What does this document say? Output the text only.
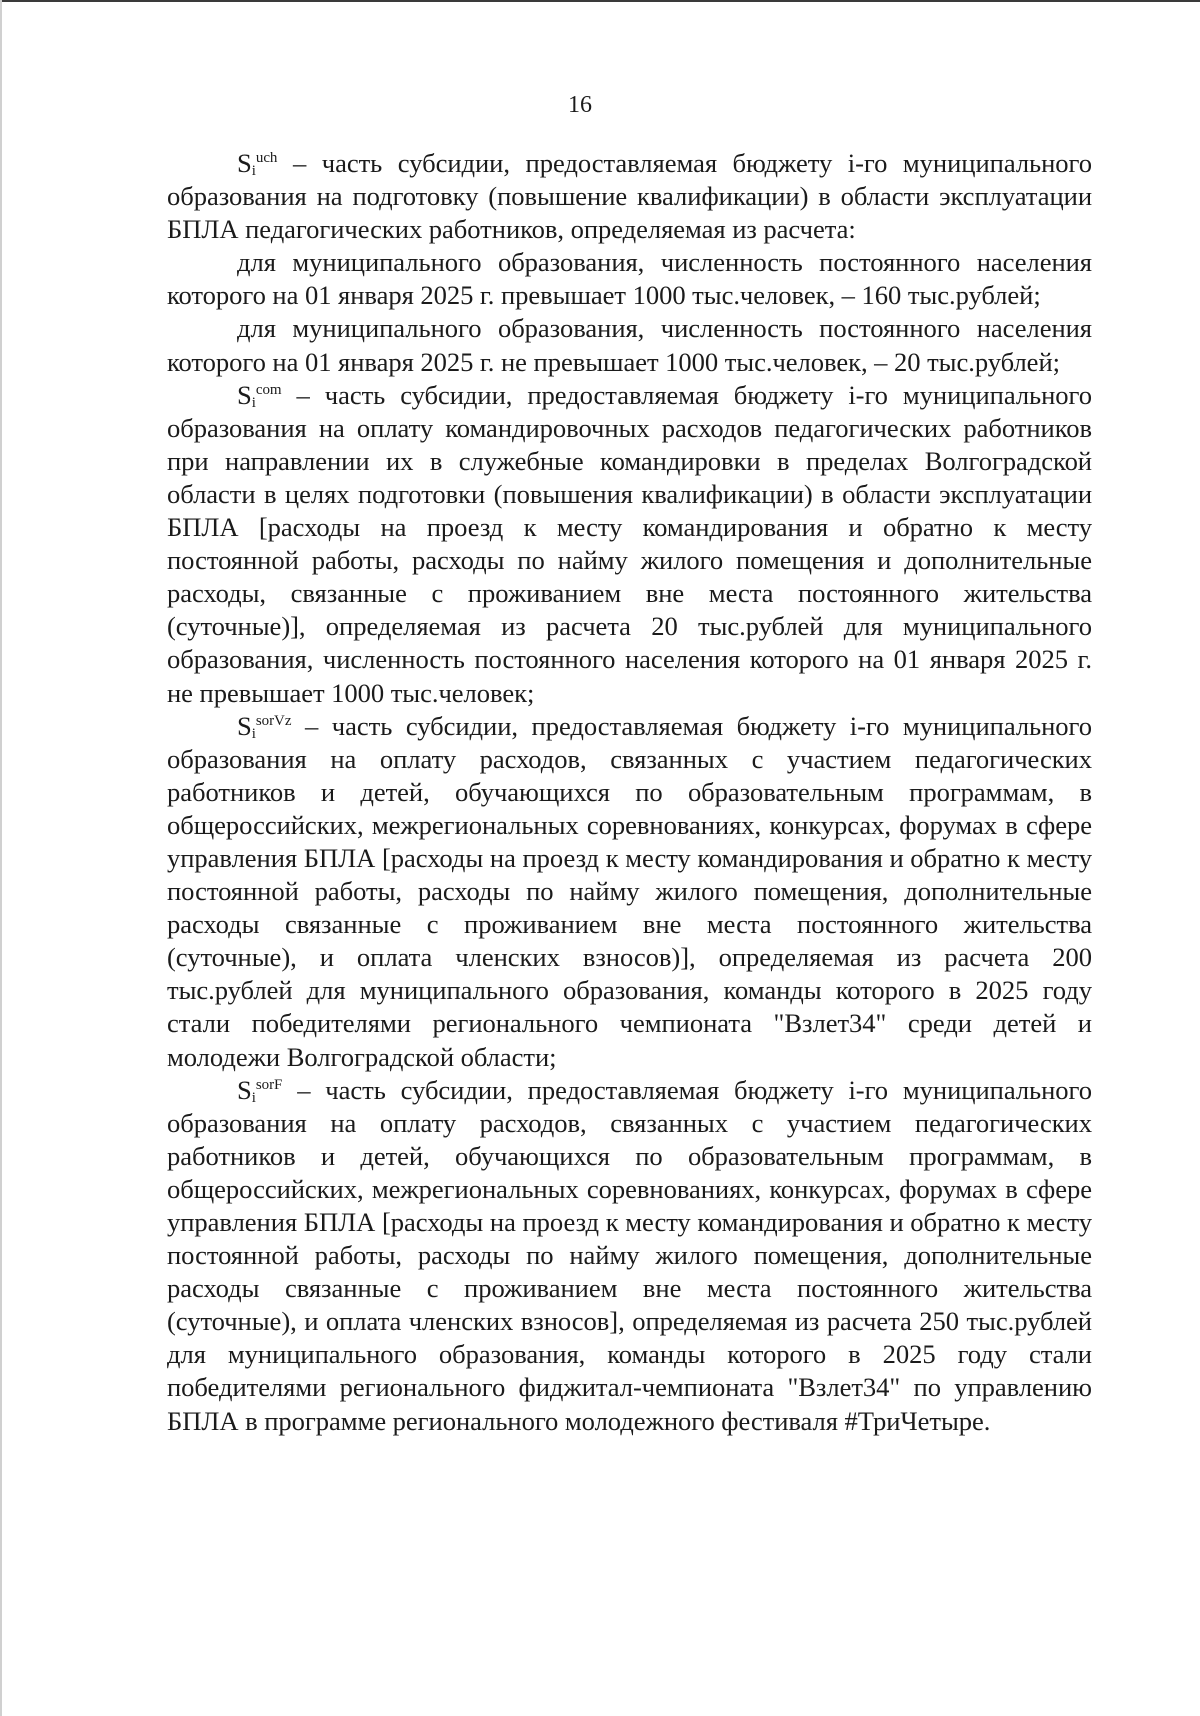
16

$S_i^{uch}$ – часть субсидии, предоставляемая бюджету i-го муниципального образования на подготовку (повышение квалификации) в области эксплуатации БПЛА педагогических работников, определяемая из расчета:

для муниципального образования, численность постоянного населения которого на 01 января 2025 г. превышает 1000 тыс.человек, – 160 тыс.рублей;

для муниципального образования, численность постоянного населения которого на 01 января 2025 г. не превышает 1000 тыс.человек, – 20 тыс.рублей;

$S_i^{com}$ – часть субсидии, предоставляемая бюджету i-го муниципального образования на оплату командировочных расходов педагогических работников при направлении их в служебные командировки в пределах Волгоградской области в целях подготовки (повышения квалификации) в области эксплуатации БПЛА [расходы на проезд к месту командирования и обратно к месту постоянной работы, расходы по найму жилого помещения и дополнительные расходы, связанные с проживанием вне места постоянного жительства (суточные)], определяемая из расчета 20 тыс.рублей для муниципального образования, численность постоянного населения которого на 01 января 2025 г. не превышает 1000 тыс.человек;

$S_i^{sorVz}$ – часть субсидии, предоставляемая бюджету i-го муниципального образования на оплату расходов, связанных с участием педагогических работников и детей, обучающихся по образовательным программам, в общероссийских, межрегиональных соревнованиях, конкурсах, форумах в сфере управления БПЛА [расходы на проезд к месту командирования и обратно к месту постоянной работы, расходы по найму жилого помещения, дополнительные расходы связанные с проживанием вне места постоянного жительства (суточные), и оплата членских взносов)], определяемая из расчета 200 тыс.рублей для муниципального образования, команды которого в 2025 году стали победителями регионального чемпионата "Взлет34" среди детей и молодежи Волгоградской области;

$S_i^{sorF}$ – часть субсидии, предоставляемая бюджету i-го муниципального образования на оплату расходов, связанных с участием педагогических работников и детей, обучающихся по образовательным программам, в общероссийских, межрегиональных соревнованиях, конкурсах, форумах в сфере управления БПЛА [расходы на проезд к месту командирования и обратно к месту постоянной работы, расходы по найму жилого помещения, дополнительные расходы связанные с проживанием вне места постоянного жительства (суточные), и оплата членских взносов], определяемая из расчета 250 тыс.рублей для муниципального образования, команды которого в 2025 году стали победителями регионального фиджитал-чемпионата "Взлет34" по управлению БПЛА в программе регионального молодежного фестиваля #ТриЧетыре.
